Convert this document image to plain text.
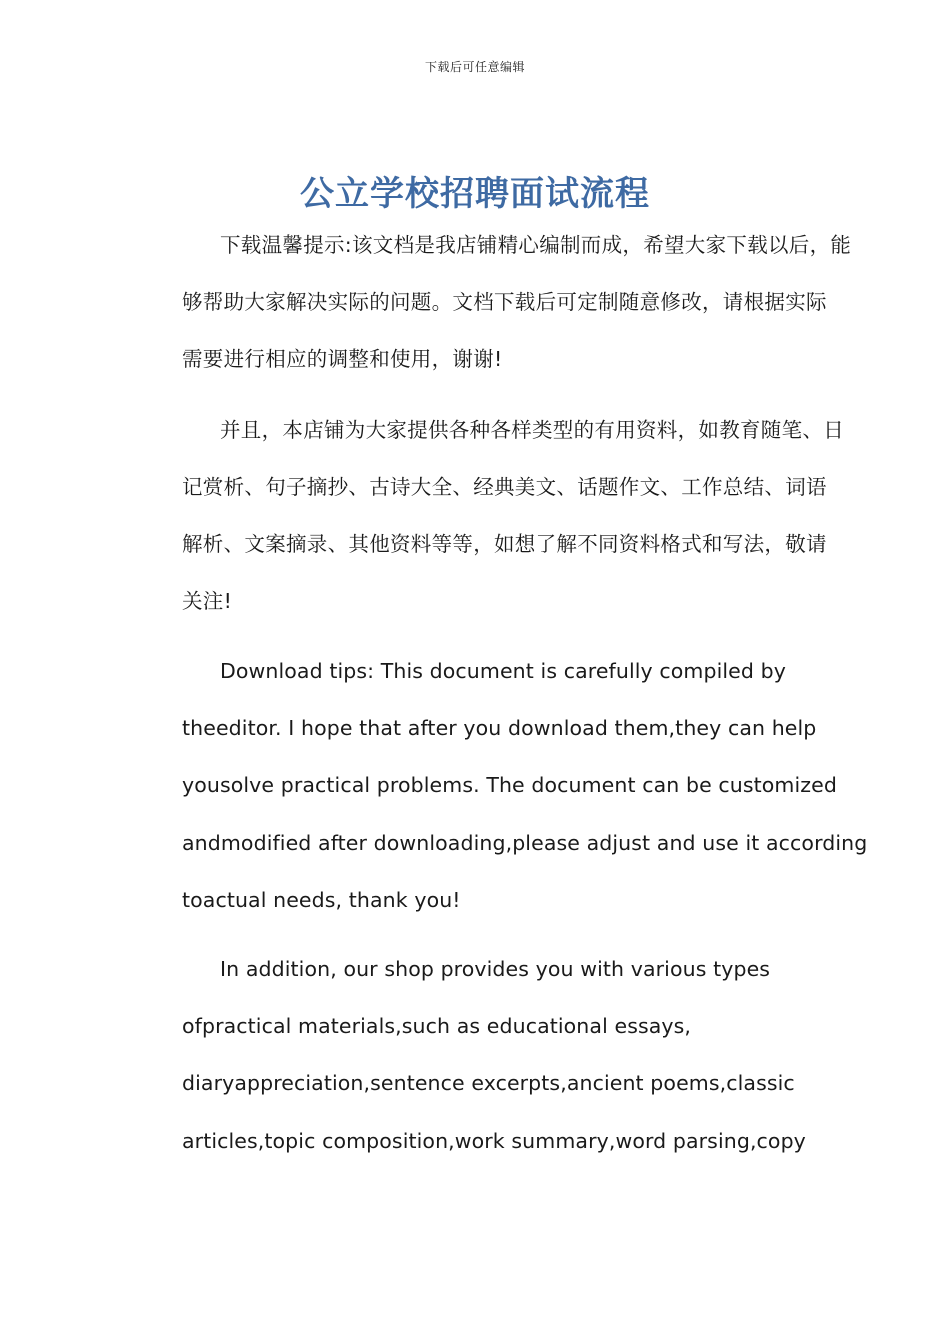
下载后可任意编辑
公立学校招聘面试流程
下载温馨提示:该文档是我店铺精心编制而成，希望大家下载以后，能
够帮助大家解决实际的问题。文档下载后可定制随意修改，请根据实际
需要进行相应的调整和使用，谢谢!
并且，本店铺为大家提供各种各样类型的有用资料，如教育随笔、日
记赏析、句子摘抄、古诗大全、经典美文、话题作文、工作总结、词语
解析、文案摘录、其他资料等等，如想了解不同资料格式和写法，敬请
关注!
Download tips: This document is carefully compiled by
theeditor. I hope that after you download them,they can help
yousolve practical problems. The document can be customized
andmodified after downloading,please adjust and use it according
toactual needs, thank you!
In addition, our shop provides you with various types
ofpractical materials,such as educational essays,
diaryappreciation,sentence excerpts,ancient poems,classic
articles,topic composition,work summary,word parsing,copy
